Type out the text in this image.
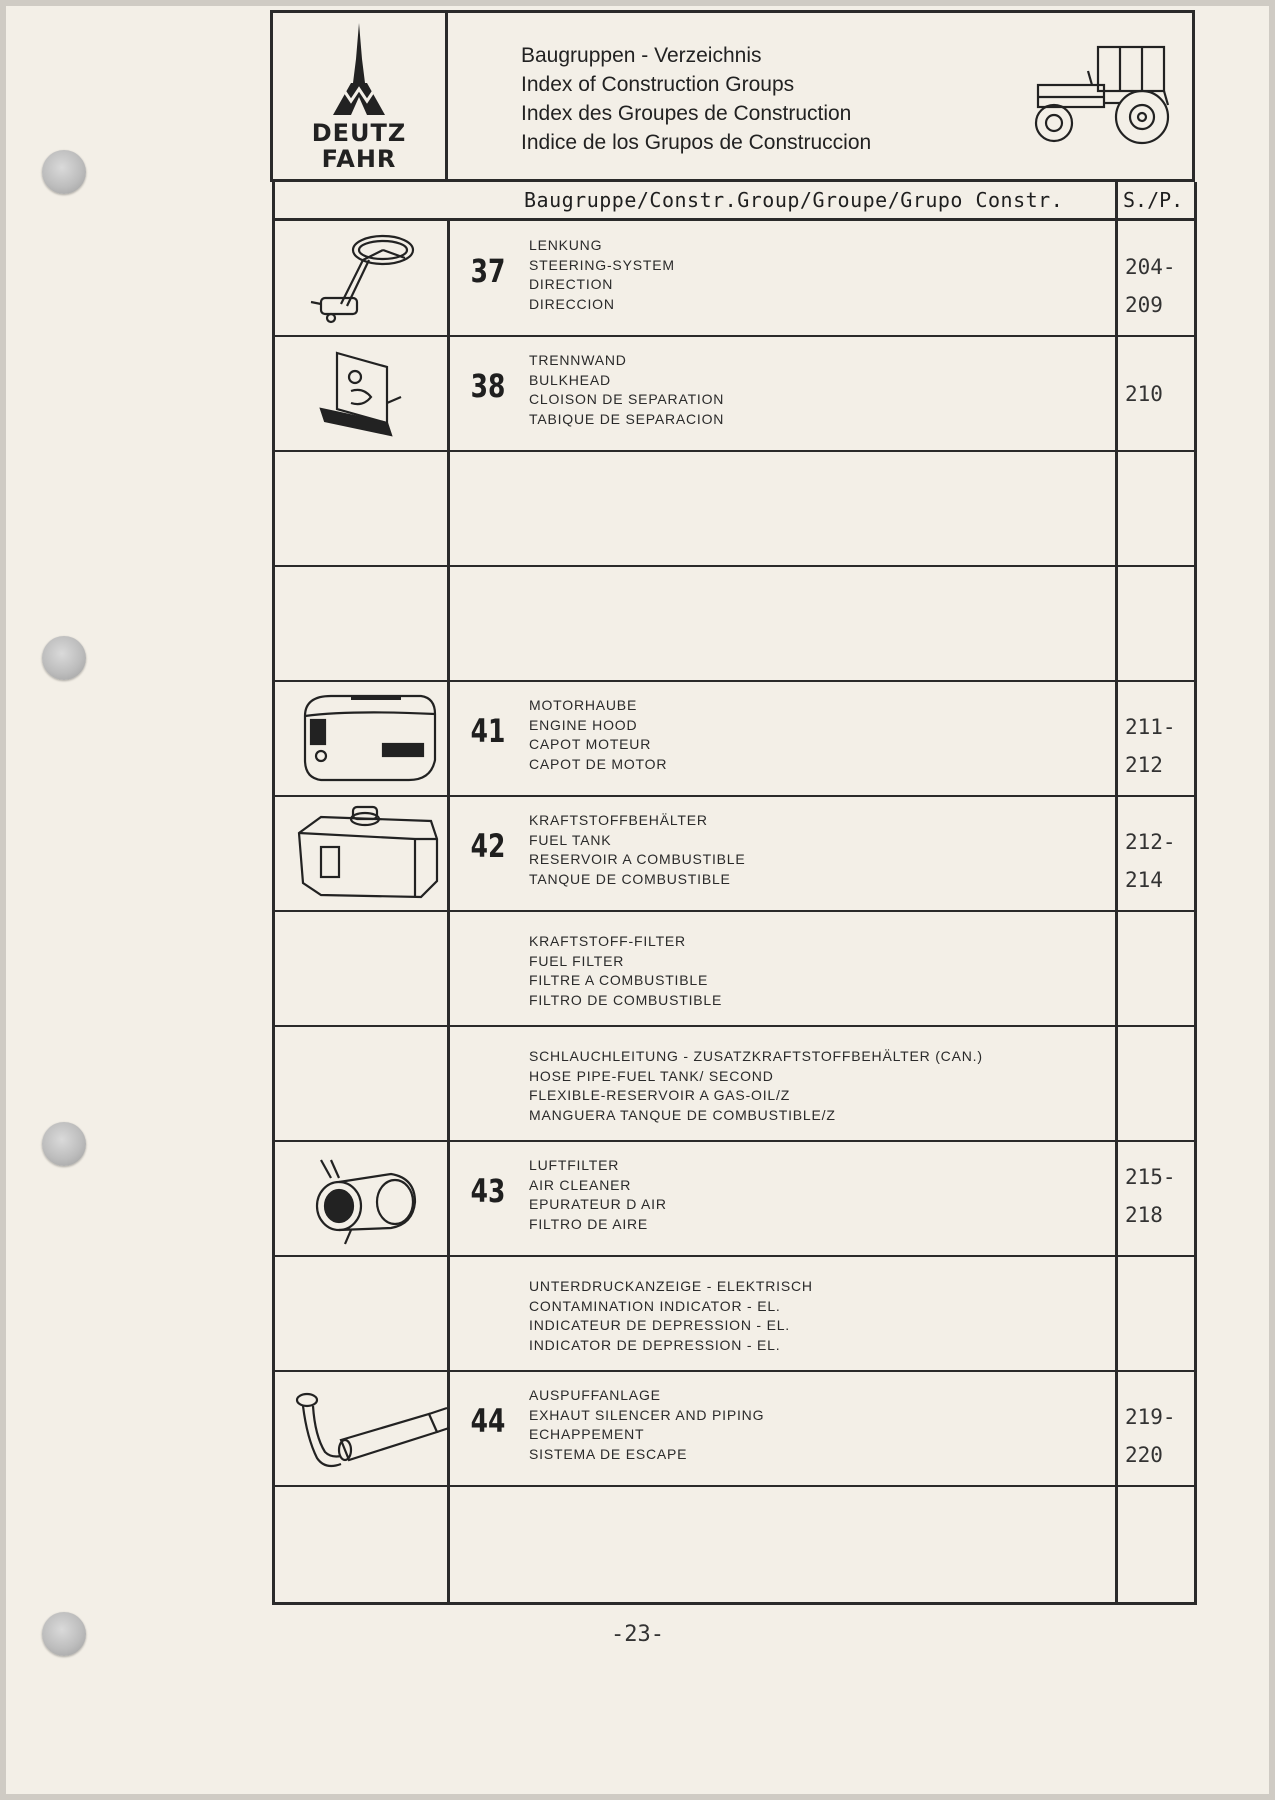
DEUTZ
FAHR
Baugruppen - Verzeichnis
Index of Construction Groups
Index des Groupes de Construction
Indice de los Grupos de Construccion
Baugruppe/Constr.Group/Groupe/Grupo Constr.	S./P.
37
LENKUNG
STEERING-SYSTEM
DIRECTION
DIRECCION
204-
209
38
TRENNWAND
BULKHEAD
CLOISON DE SEPARATION
TABIQUE DE SEPARACION
210
41
MOTORHAUBE
ENGINE HOOD
CAPOT MOTEUR
CAPOT DE MOTOR
211-
212
42
KRAFTSTOFFBEHÄLTER
FUEL TANK
RESERVOIR A COMBUSTIBLE
TANQUE DE COMBUSTIBLE
212-
214
KRAFTSTOFF-FILTER
FUEL FILTER
FILTRE A COMBUSTIBLE
FILTRO DE COMBUSTIBLE
SCHLAUCHLEITUNG - ZUSATZKRAFTSTOFFBEHÄLTER (CAN.)
HOSE PIPE-FUEL TANK/ SECOND
FLEXIBLE-RESERVOIR A GAS-OIL/Z
MANGUERA TANQUE DE COMBUSTIBLE/Z
43
LUFTFILTER
AIR CLEANER
EPURATEUR D AIR
FILTRO DE AIRE
215-
218
UNTERDRUCKANZEIGE - ELEKTRISCH
CONTAMINATION INDICATOR - EL.
INDICATEUR DE DEPRESSION - EL.
INDICATOR DE DEPRESSION - EL.
44
AUSPUFFANLAGE
EXHAUT SILENCER AND PIPING
ECHAPPEMENT
SISTEMA DE ESCAPE
219-
220
-23-
